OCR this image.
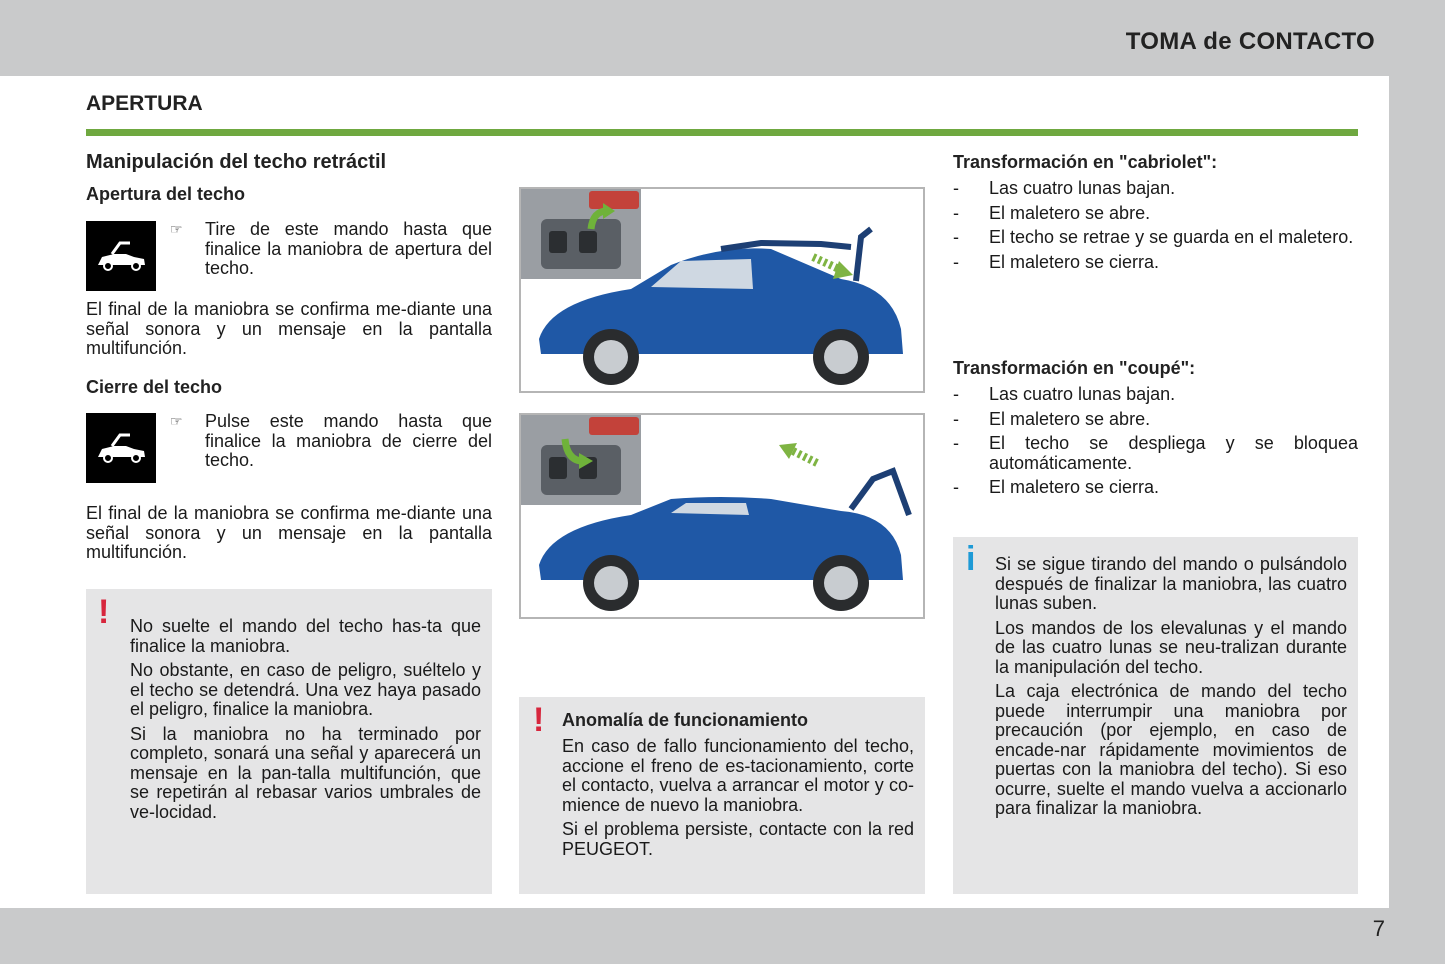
TOMA de CONTACTO
7
APERTURA
Manipulación del techo retráctil
Apertura del techo
☞ Tire de este mando hasta que finalice la maniobra de apertura del techo.
El final de la maniobra se confirma me-diante una señal sonora y un mensaje en la pantalla multifunción.
Cierre del techo
☞ Pulse este mando hasta que finalice la maniobra de cierre del techo.
El final de la maniobra se confirma me-diante una señal sonora y un mensaje en la pantalla multifunción.
! No suelte el mando del techo has-ta que finalice la maniobra.

No obstante, en caso de peligro, suéltelo y el techo se detendrá. Una vez haya pasado el peligro, finalice la maniobra.

Si la maniobra no ha terminado por completo, sonará una señal y aparecerá un mensaje en la pan-talla multifunción, que se repetirán al rebasar varios umbrales de ve-locidad.

! Anomalía de funcionamiento

En caso de fallo funcionamiento del techo, accione el freno de es-tacionamiento, corte el contacto, vuelva a arrancar el motor y co-mience de nuevo la maniobra.

Si el problema persiste, contacte con la red PEUGEOT.

Transformación en "cabriolet":
- Las cuatro lunas bajan.
- El maletero se abre.
- El techo se retrae y se guarda en el maletero.
- El maletero se cierra.
Transformación en "coupé":
- Las cuatro lunas bajan.
- El maletero se abre.
- El techo se despliega y se bloquea automáticamente.
- El maletero se cierra.
i Si se sigue tirando del mando o pulsándolo después de finalizar la maniobra, las cuatro lunas suben.

Los mandos de los elevalunas y el mando de las cuatro lunas se neu-tralizan durante la manipulación del techo.

La caja electrónica de mando del techo puede interrumpir una maniobra por precaución (por ejemplo, en caso de encade-nar rápidamente movimientos de puertas con la maniobra del techo). Si eso ocurre, suelte el mando vuelva a accionarlo para finalizar la maniobra.
